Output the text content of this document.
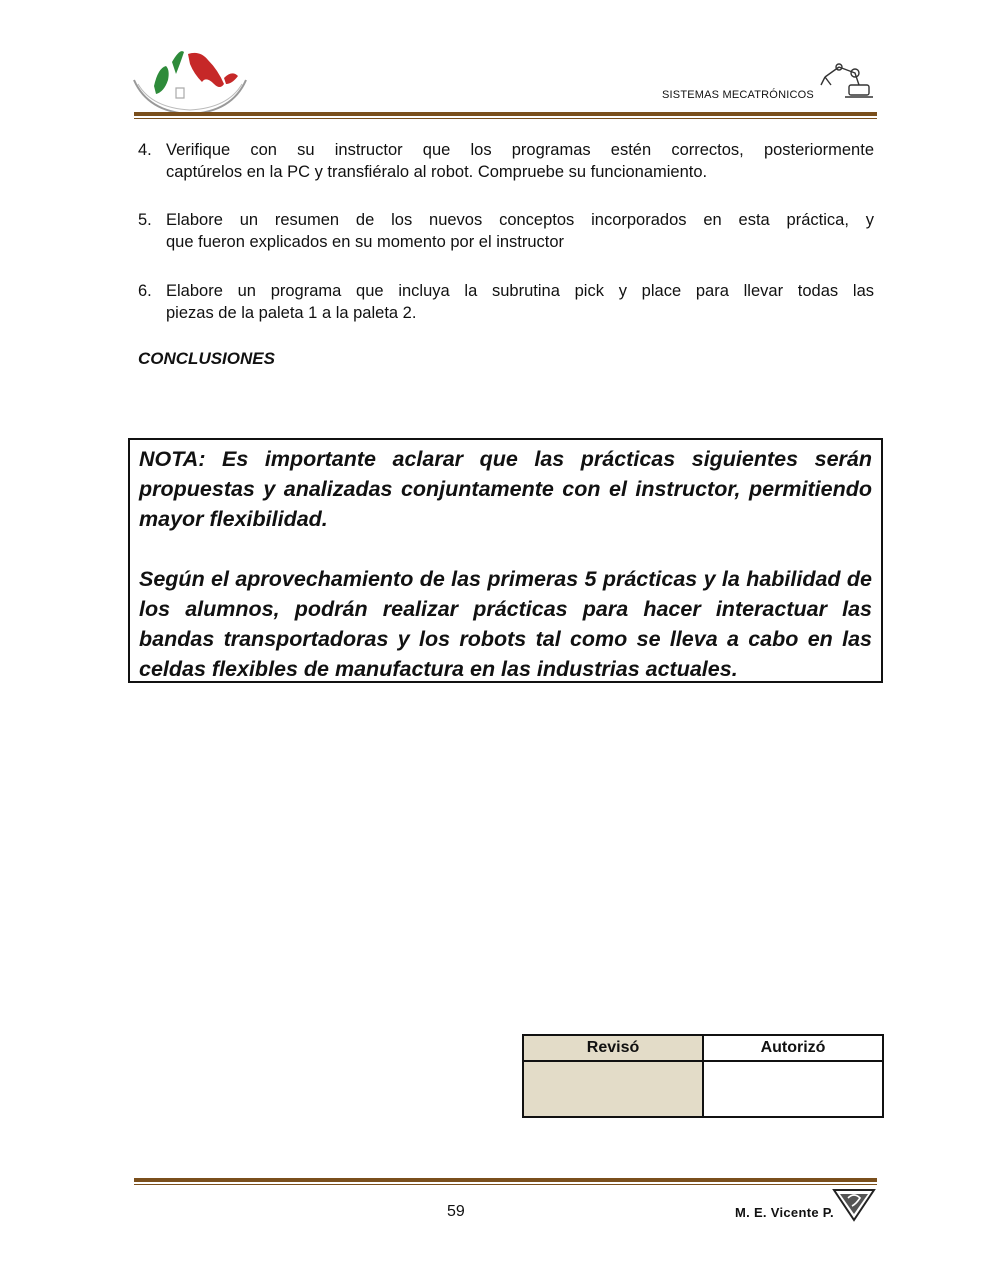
SISTEMAS MECATRÓNICOS
4. Verifique con su instructor que los programas estén correctos, posteriormente

captúrelos en la PC y transfiéralo al robot. Compruebe su funcionamiento.

5. Elabore un resumen de los nuevos conceptos incorporados en esta práctica, y

que fueron explicados en su momento por el instructor

6. Elabore un programa que incluya la subrutina pick y place para llevar todas las

piezas de la paleta 1 a la paleta 2.

CONCLUSIONES

NOTA: Es importante aclarar que las prácticas siguientes serán propuestas y analizadas conjuntamente con el instructor, permitiendo mayor flexibilidad.

Según el aprovechamiento de las primeras 5 prácticas y la habilidad de los alumnos, podrán realizar prácticas para hacer interactuar las bandas transportadoras y los robots tal como se lleva a cabo en las celdas flexibles de manufactura en las industrias actuales.

Revisó	Autorizó

59	M. E. Vicente P.
